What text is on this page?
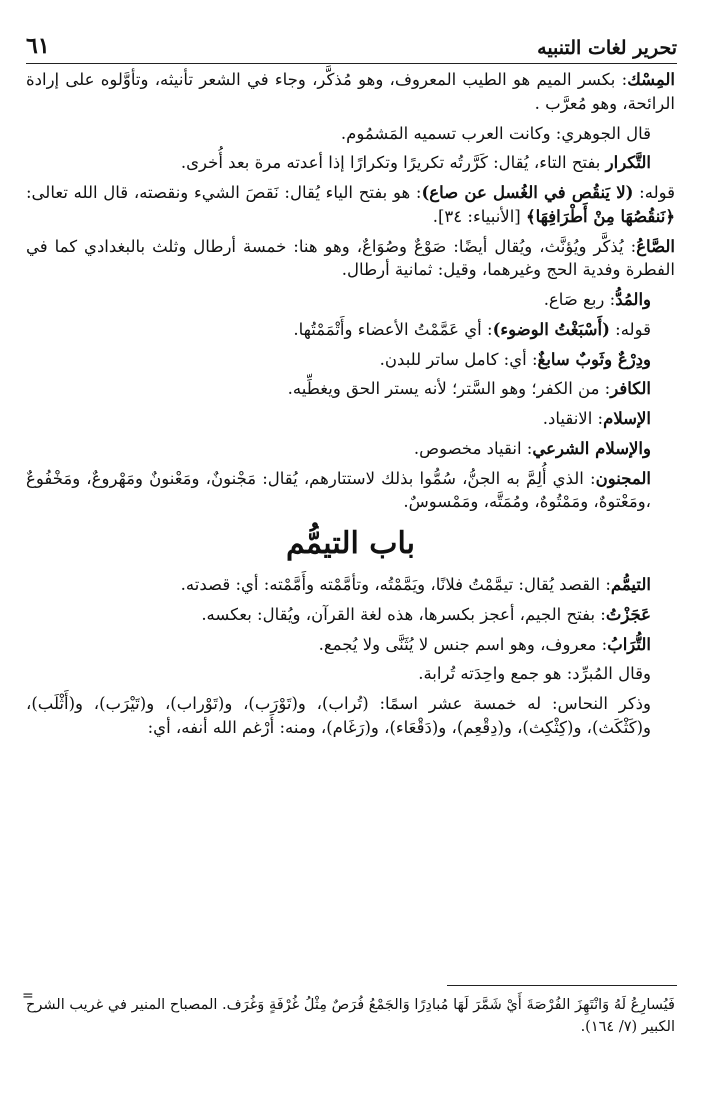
تحرير لغات التنبيه
٦١

المِسْك: بكسر الميم هو الطيب المعروف، وهو مُذكَّر، وجاء في الشعر تأنيثه، وتأوَّلوه على إرادة الرائحة، وهو مُعرَّب .

قال الجوهري: وكانت العرب تسميه المَشمُوم.

التَّكرار بفتح التاء، يُقال: كَرَّرتُه تكريرًا وتكرارًا إذا أعدته مرة بعد أُخرى.

قوله: (لا يَنقُص في الغُسل عن صاع): هو بفتح الياء يُقال: نَقصَ الشيء ونقصته، قال الله تعالى: ﴿نَنقُصُهَا مِنْ أَطْرَافِهَا﴾ [الأنبياء: ٣٤].

الصَّاعُ: يُذكَّر ويُؤنَّث، ويُقال أيضًا: صَوْعٌ وصُوَاعٌ، وهو هنا: خمسة أرطال وثلث بالبغدادي كما في الفطرة وفدية الحج وغيرهما، وقيل: ثمانية أرطال.

والمُدُّ: ربع صَاع.

قوله: (أَسْبَغْتُ الوضوء): أي عَمَّمْتُ الأعضاء وأَتْمَمْتُها.

ودِرْعٌ وثَوبٌ سابغٌ: أي: كامل ساتر للبدن.

الكافر: من الكفر؛ وهو السَّتر؛ لأنه يستر الحق ويغطِّيه.

الإسلام: الانقياد.

والإسلام الشرعي: انقياد مخصوص.

المجنون: الذي أُلِمَّ به الجنُّ، سُمُّوا بذلك لاستتارهم، يُقال: مَجْنونٌ، ومَعْنونٌ ومَهْروعٌ، ومَخْفُوعٌ ،ومَعْتوهٌ، ومَمْتُوهٌ، ومُمَتَّه، ومَمْسوسٌ.

باب التيمُّم

التيمُّم: القصد يُقال: تيمَّمْتُ فلانًا، ويَمَّمْتُه، وتأمَّمْته وأَمَّمْته: أي: قصدته.

عَجَزْتُ: بفتح الجيم، أعجز بكسرها، هذه لغة القرآن، ويُقال: بعكسه.

التُّرَابُ: معروف، وهو اسم جنس لا يُثَنَّى ولا يُجمع.

وقال المُبرِّد: هو جمع واحِدَته تُرابة.

وذكر النحاس: له خمسة عشر اسمًا: (تُراب)، و(تَوْرَب)، و(تَوْراب)، و(تَيْرَب)، و(أَثْلَب)، و(كَثْكَث)، و(كِثْكِث)، و(دِقْعِم)، و(دَقْعَاء)، و(رَغَام)، ومنه: أَرْغم الله أنفه، أي:

=
فَيُسارِعُ لَهُ وَانْتَهِزَ الفُرْصَةَ أَيْ شَمَّرَ لَهَا مُبادِرًا وَالجَمْعُ فُرَصٌ مِثْلُ غُرْفَةٍ وَغُرَف. المصباح المنير في غريب الشرح الكبير (٧/ ١٦٤).
